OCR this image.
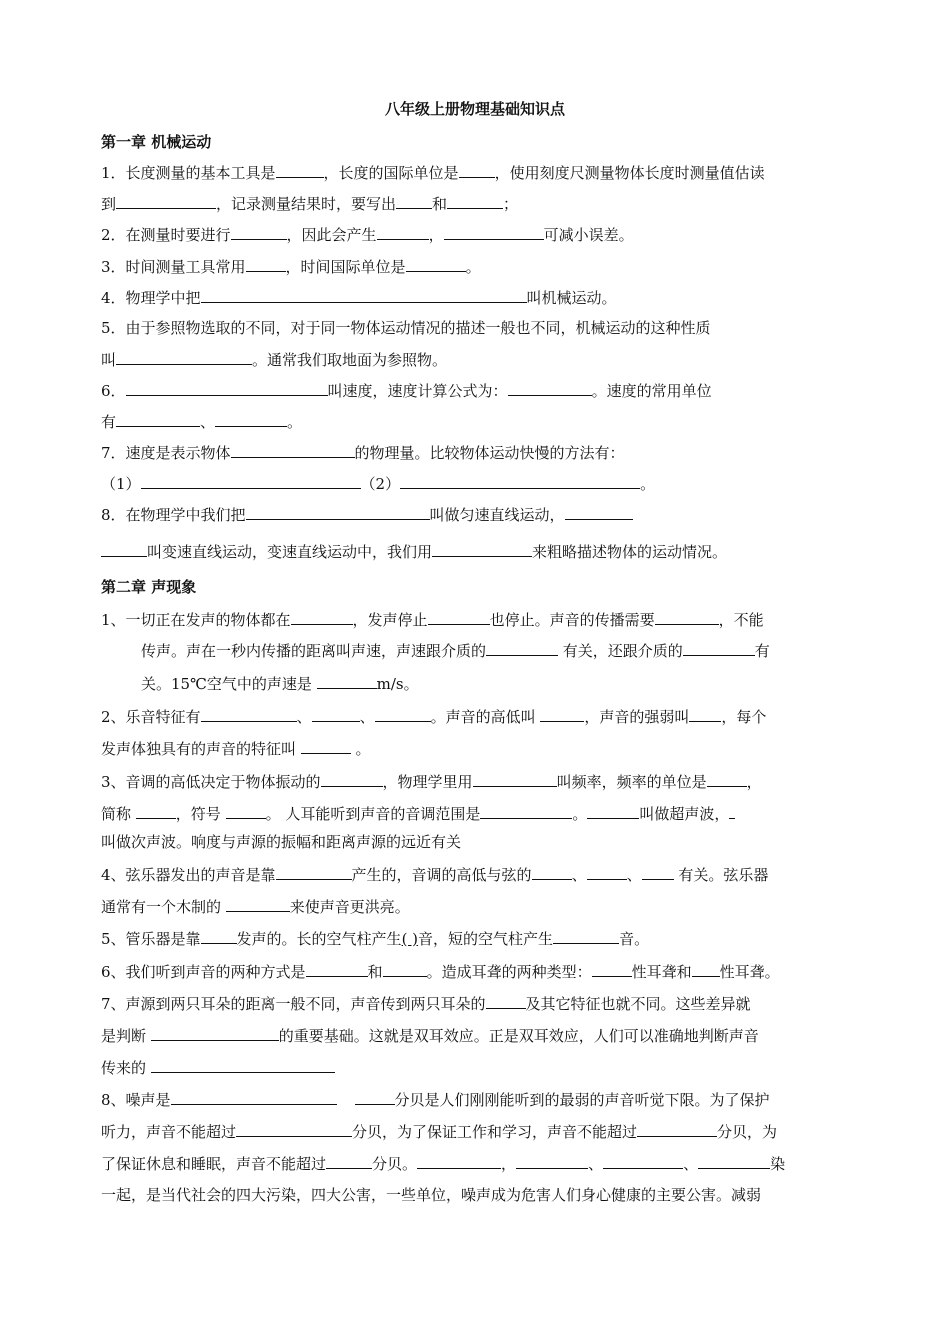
八年级上册物理基础知识点
第一章 机械运动
1．长度测量的基本工具是	，长度的国际单位是 ，使用刻度尺测量物体长度时测量值估读
到	，记录测量结果时，要写出 和	；
2．在测量时要进行	，因此会产生	，	可减小误差。
3．时间测量工具常用	，时间国际单位是	。
4．物理学中把	叫机械运动。
5．由于参照物选取的不同，对于同一物体运动情况的描述一般也不同，机械运动的这种性质
叫	。通常我们取地面为参照物。
6．	叫速度，速度计算公式为：	。速度的常用单位
有	、	。
7．速度是表示物体	的物理量。比较物体运动快慢的方法有：
（1）	（2）	。
8．在物理学中我们把	叫做匀速直线运动，
叫变速直线运动，变速直线运动中，我们用	来粗略描述物体的运动情况。
第二章 声现象
1、一切正在发声的物体都在	，发声停止	也停止。声音的传播需要	，不能
传声。声在一秒内传播的距离叫声速，声速跟介质的	有关，还跟介质的	有
关。15℃空气中的声速是	m/s。
2、乐音特征有	、	、	。声音的高低叫	，声音的强弱叫 ，每个
发声体独具有的声音的特征叫	。
3、音调的高低决定于物体振动的	，物理学里用	叫频率，频率的单位是	，
简称	，符号	。 人耳能听到声音的音调范围是	。	叫做超声波，
叫做次声波。响度与声源的振幅和距离声源的远近有关
4、弦乐器发出的声音是靠	产生的，音调的高低与弦的	、	、 有关。弦乐器
通常有一个木制的	来使声音更洪亮。
5、管乐器是靠 发声的。长的空气柱产生( )音，短的空气柱产生	音。
6、我们听到声音的两种方式是	和	。造成耳聋的两种类型：	性耳聋和 性耳聋。
7、声源到两只耳朵的距离一般不同，声音传到两只耳朵的	及其它特征也就不同。这些差异就
是判断	的重要基础。这就是双耳效应。正是双耳效应，人们可以准确地判断声音
传来的
8、噪声是	分贝是人们刚刚能听到的最弱的声音听觉下限。为了保护
听力，声音不能超过	分贝，为了保证工作和学习，声音不能超过	分贝，为
了保证休息和睡眠，声音不能超过	分贝。	，	、	、	染
一起，是当代社会的四大污染，四大公害，一些单位，噪声成为危害人们身心健康的主要公害。减弱
